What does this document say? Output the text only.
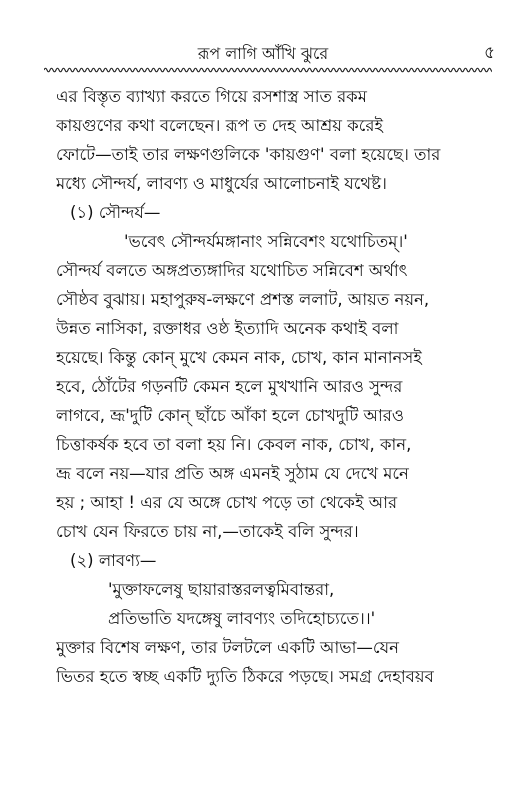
রূপ লাগি আঁখি ঝুরে	৫
এর বিস্তৃত ব্যাখ্যা করতে গিয়ে রসশাস্ত্র সাত রকম
কায়গুণের কথা বলেছেন। রূপ ত দেহ আশ্রয় করেই
ফোটে—তাই তার লক্ষণগুলিকে 'কায়গুণ' বলা হয়েছে। তার
মধ্যে সৌন্দর্য, লাবণ্য ও মাধুর্যের আলোচনাই যথেষ্ট।
(১) সৌন্দর্য—
'ভবেৎ সৌন্দর্যমঙ্গানাং সন্নিবেশং যথোচিতম্।'
সৌন্দর্য বলতে অঙ্গপ্রত্যঙ্গাদির যথোচিত সন্নিবেশ অর্থাৎ
সৌষ্ঠব বুঝায়। মহাপুরুষ-লক্ষণে প্রশস্ত ললাট, আয়ত নয়ন,
উন্নত নাসিকা, রক্তাধর ওষ্ঠ ইত্যাদি অনেক কথাই বলা
হয়েছে। কিন্তু কোন্ মুখে কেমন নাক, চোখ, কান মানানসই
হবে, ঠোঁটের গড়নটি কেমন হলে মুখখানি আরও সুন্দর
লাগবে, ভ্রূ'দুটি কোন্ ছাঁচে আঁকা হলে চোখদুটি আরও
চিত্তাকর্ষক হবে তা বলা হয় নি। কেবল নাক, চোখ, কান,
ভ্রূ বলে নয়—যার প্রতি অঙ্গ এমনই সুঠাম যে দেখে মনে
হয় ; আহা ! এর যে অঙ্গে চোখ পড়ে তা থেকেই আর
চোখ যেন ফিরতে চায় না,—তাকেই বলি সুন্দর।
(২) লাবণ্য—
'মুক্তাফলেষু ছায়ারাস্তরলত্বমিবান্তরা,
প্রতিভাতি যদঙ্গেষু লাবণ্যং তদিহোচ্যতে।।'
মুক্তার বিশেষ লক্ষণ, তার টলটলে একটি আভা—যেন
ভিতর হতে স্বচ্ছ একটি দ্যুতি ঠিকরে পড়ছে। সমগ্র দেহাবয়ব
